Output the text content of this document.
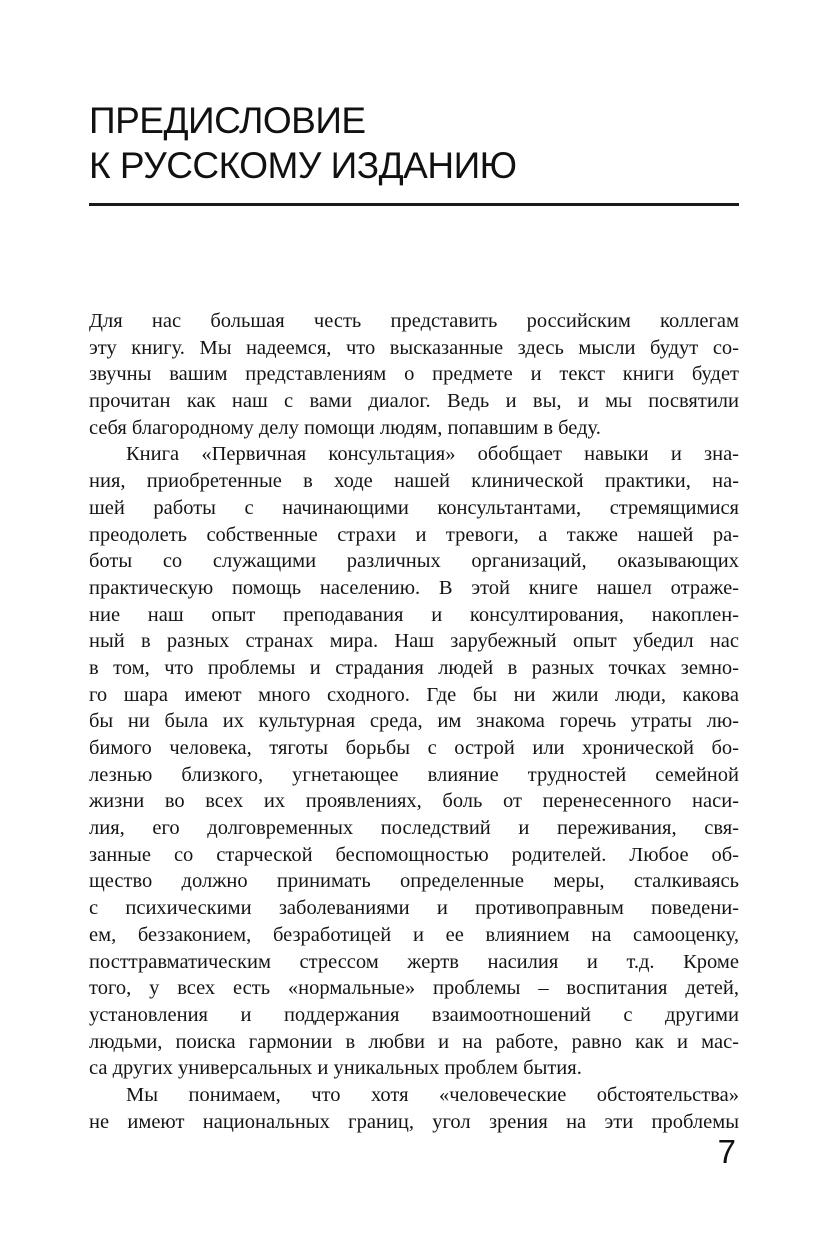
ПРЕДИСЛОВИЕ
К РУССКОМУ ИЗДАНИЮ
Для нас большая честь представить российским коллегам
эту книгу. Мы надеемся, что высказанные здесь мысли будут со-
звучны вашим представлениям о предмете и текст книги будет
прочитан как наш с вами диалог. Ведь и вы, и мы посвятили
себя благородному делу помощи людям, попавшим в беду.
Книга «Первичная консультация» обобщает навыки и зна-
ния, приобретенные в ходе нашей клинической практики, на-
шей работы с начинающими консультантами, стремящимися
преодолеть собственные страхи и тревоги, а также нашей ра-
боты со служащими различных организаций, оказывающих
практическую помощь населению. В этой книге нашел отраже-
ние наш опыт преподавания и консултирования, накоплен-
ный в разных странах мира. Наш зарубежный опыт убедил нас
в том, что проблемы и страдания людей в разных точках земно-
го шара имеют много сходного. Где бы ни жили люди, какова
бы ни была их культурная среда, им знакома горечь утраты лю-
бимого человека, тяготы борьбы с острой или хронической бо-
лезнью близкого, угнетающее влияние трудностей семейной
жизни во всех их проявлениях, боль от перенесенного наси-
лия, его долговременных последствий и переживания, свя-
занные со старческой беспомощностью родителей. Любое об-
щество должно принимать определенные меры, сталкиваясь
с психическими заболеваниями и противоправным поведени-
ем, беззаконием, безработицей и ее влиянием на самооценку,
посттравматическим стрессом жертв насилия и т.д. Кроме
того, у всех есть «нормальные» проблемы – воспитания детей,
установления и поддержания взаимоотношений с другими
людьми, поиска гармонии в любви и на работе, равно как и мас-
са других универсальных и уникальных проблем бытия.
Мы понимаем, что хотя «человеческие обстоятельства»
не имеют национальных границ, угол зрения на эти проблемы
7
